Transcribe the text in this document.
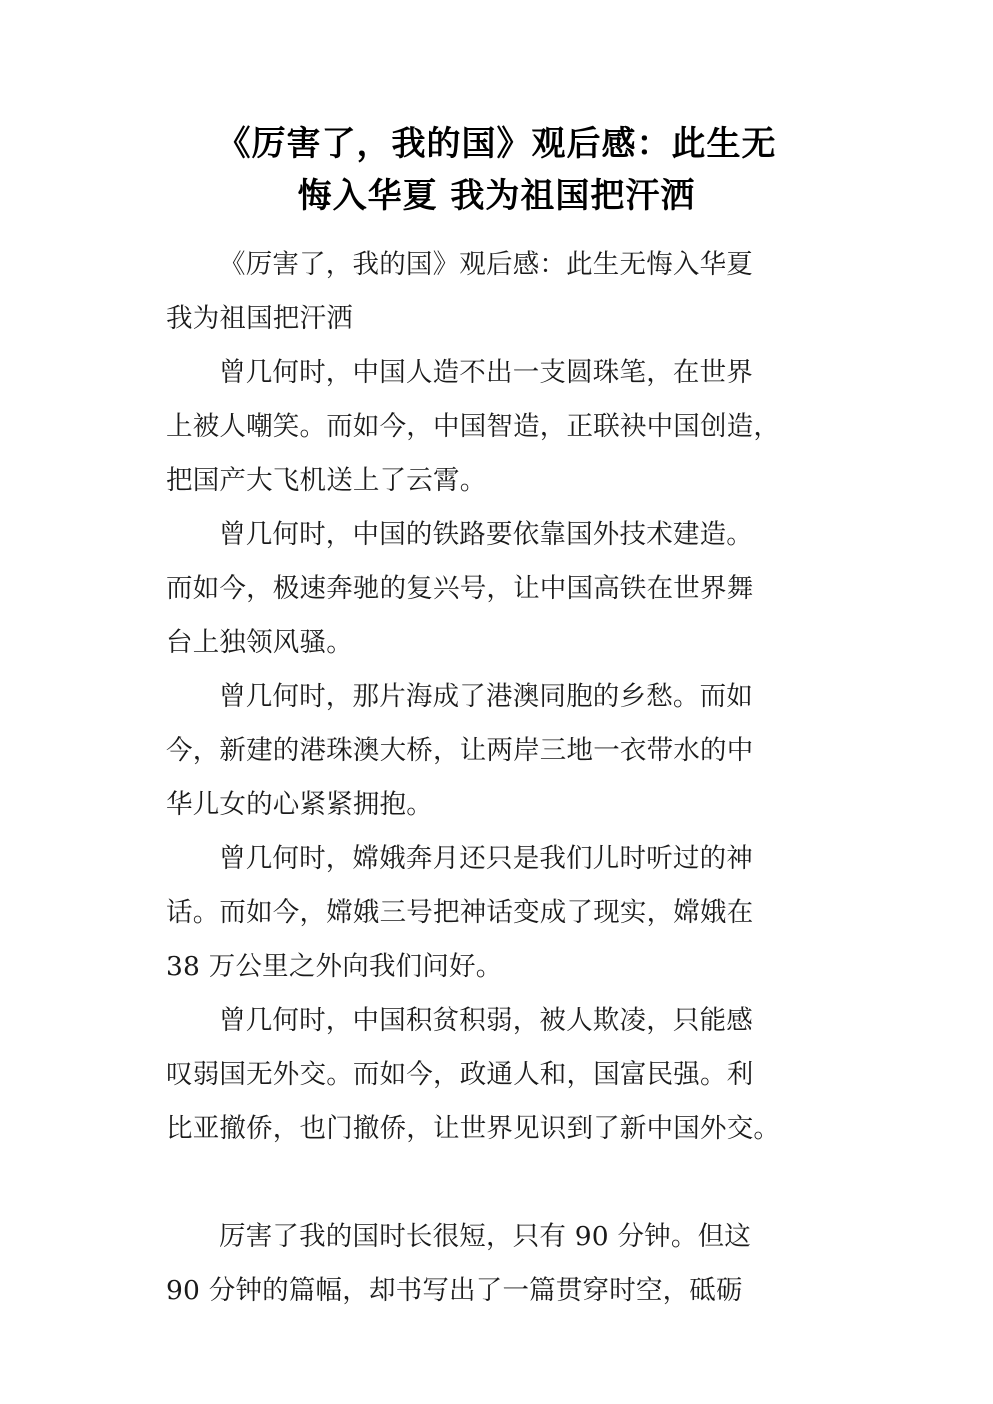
《厉害了，我的国》观后感：此生无
悔入华夏 我为祖国把汗洒

《厉害了，我的国》观后感：此生无悔入华夏
我为祖国把汗洒

曾几何时，中国人造不出一支圆珠笔，在世界
上被人嘲笑。而如今，中国智造，正联袂中国创造，
把国产大飞机送上了云霄。

曾几何时，中国的铁路要依靠国外技术建造。
而如今，极速奔驰的复兴号，让中国高铁在世界舞
台上独领风骚。

曾几何时，那片海成了港澳同胞的乡愁。而如
今，新建的港珠澳大桥，让两岸三地一衣带水的中
华儿女的心紧紧拥抱。

曾几何时，嫦娥奔月还只是我们儿时听过的神
话。而如今，嫦娥三号把神话变成了现实，嫦娥在
38 万公里之外向我们问好。

曾几何时，中国积贫积弱，被人欺凌，只能感
叹弱国无外交。而如今，政通人和，国富民强。利
比亚撤侨，也门撤侨，让世界见识到了新中国外交。

厉害了我的国时长很短，只有 90 分钟。但这
90 分钟的篇幅，却书写出了一篇贯穿时空，砥砺
